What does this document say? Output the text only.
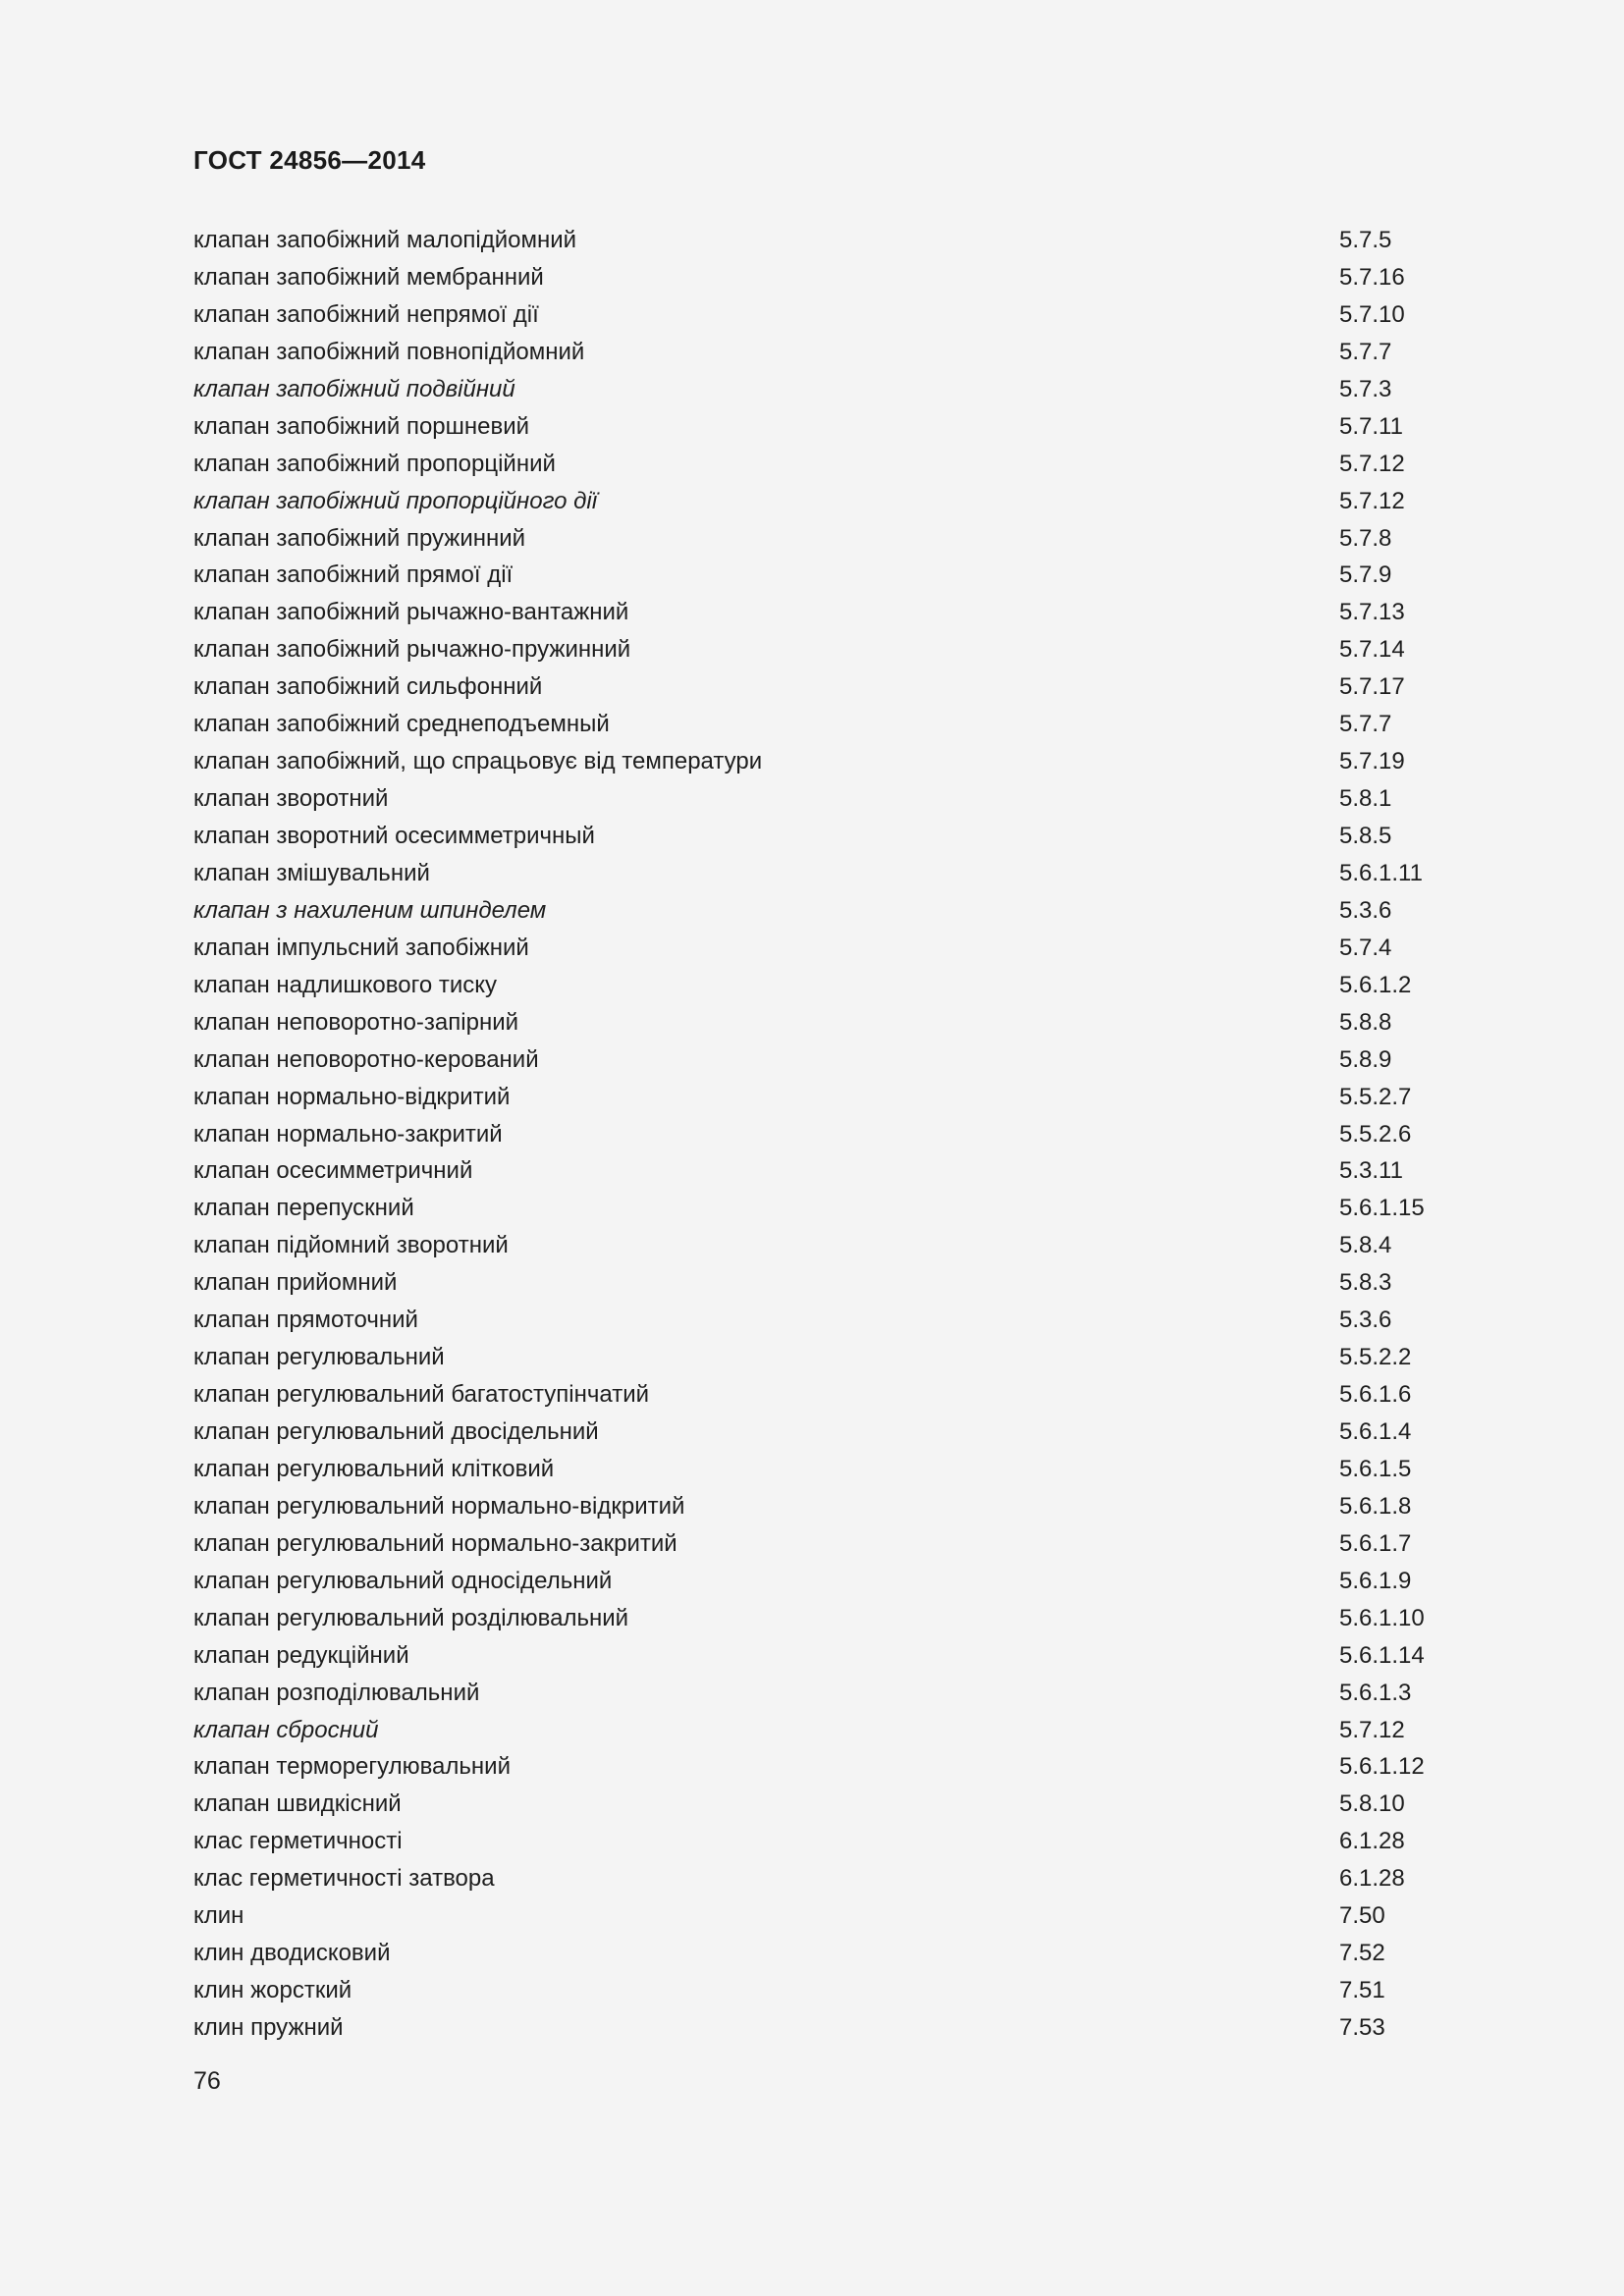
ГОСТ 24856—2014
клапан запобіжний малопідйомний	5.7.5
клапан запобіжний мембранний	5.7.16
клапан запобіжний непрямої дії	5.7.10
клапан запобіжний повнопідйомний	5.7.7
клапан запобіжний подвійний	5.7.3
клапан запобіжний поршневий	5.7.11
клапан запобіжний пропорційний	5.7.12
клапан запобіжний пропорційного дії	5.7.12
клапан запобіжний пружинний	5.7.8
клапан запобіжний прямої дії	5.7.9
клапан запобіжний рычажно-вантажний	5.7.13
клапан запобіжний рычажно-пружинний	5.7.14
клапан запобіжний сильфонний	5.7.17
клапан запобіжний среднеподъемный	5.7.7
клапан запобіжний, що спрацьовує від температури	5.7.19
клапан зворотний	5.8.1
клапан зворотний осесимметричный	5.8.5
клапан змішувальний	5.6.1.11
клапан з нахиленим шпинделем	5.3.6
клапан імпульсний запобіжний	5.7.4
клапан надлишкового тиску	5.6.1.2
клапан неповоротно-запірний	5.8.8
клапан неповоротно-керований	5.8.9
клапан нормально-відкритий	5.5.2.7
клапан нормально-закритий	5.5.2.6
клапан осесимметричний	5.3.11
клапан перепускний	5.6.1.15
клапан підйомний зворотний	5.8.4
клапан прийомний	5.8.3
клапан прямоточний	5.3.6
клапан регулювальний	5.5.2.2
клапан регулювальний багатоступінчатий	5.6.1.6
клапан регулювальний двосідельний	5.6.1.4
клапан регулювальний клітковий	5.6.1.5
клапан регулювальний нормально-відкритий	5.6.1.8
клапан регулювальний нормально-закритий	5.6.1.7
клапан регулювальний односідельний	5.6.1.9
клапан регулювальний розділювальний	5.6.1.10
клапан редукційний	5.6.1.14
клапан розподілювальний	5.6.1.3
клапан сбросний	5.7.12
клапан терморегулювальний	5.6.1.12
клапан швидкісний	5.8.10
клас герметичності	6.1.28
клас герметичності затвора	6.1.28
клин	7.50
клин дводисковий	7.52
клин жорсткий	7.51
клин пружний	7.53
76
